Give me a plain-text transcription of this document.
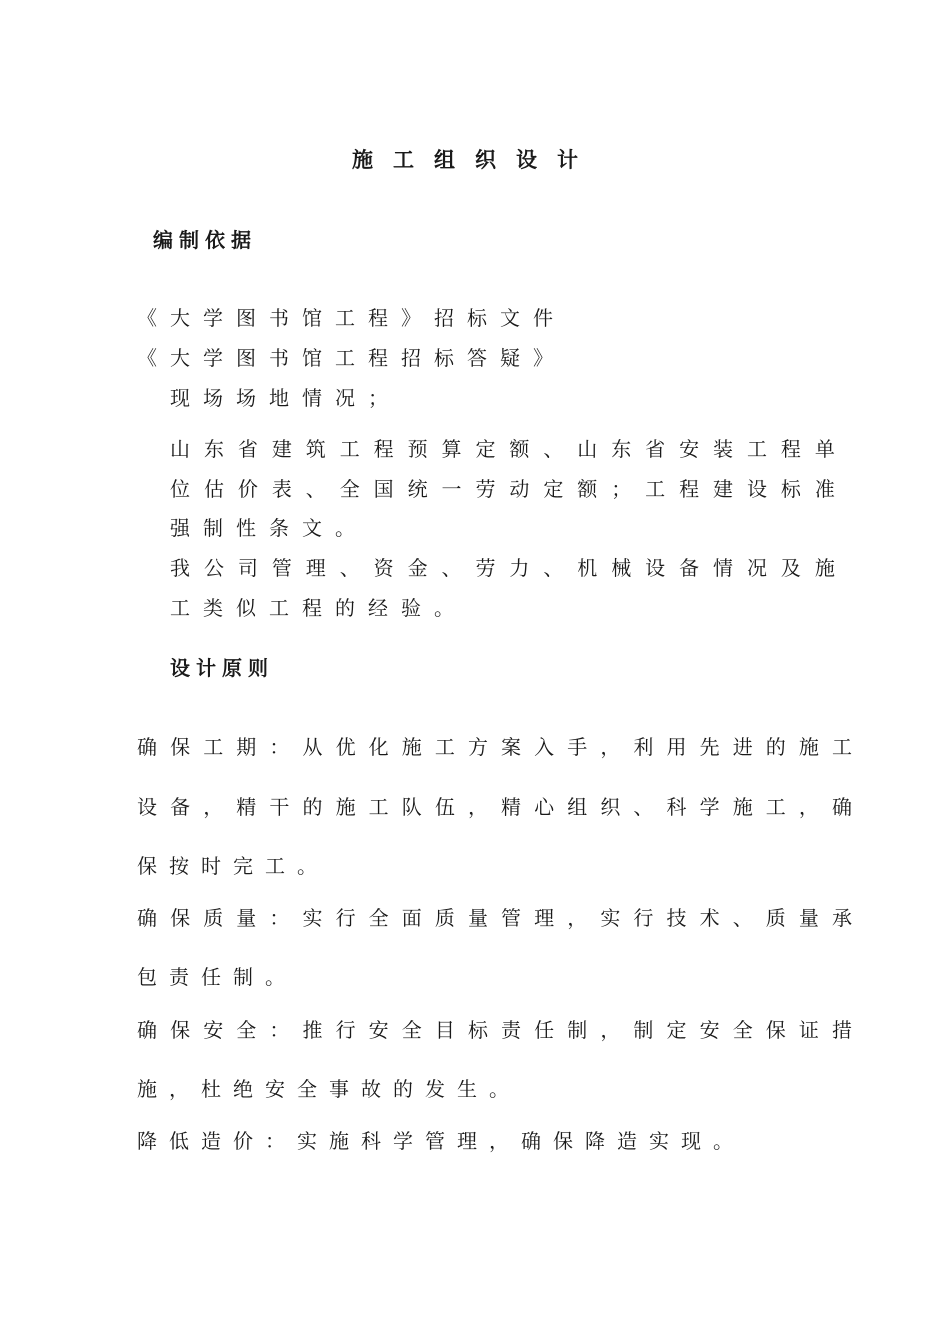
施工组织设计
编制依据
《大学图书馆工程》招标文件
《大学图书馆工程招标答疑》
现场场地情况；
山 东 省 建 筑 工 程 预 算 定 额 、 山 东 省 安 装 工 程 单
位 估 价 表 、 全 国 统 一 劳 动 定 额 ； 工 程 建 设 标 准
强制性条文。
我 公 司 管 理 、 资 金 、 劳 力 、 机 械 设 备 情 况 及 施
工类似工程的经验。
设计原则
确 保 工 期 ： 从 优 化 施 工 方 案 入 手 ， 利 用 先 进 的 施 工
设 备 ， 精 干 的 施 工 队 伍 ， 精 心 组 织 、 科 学 施 工 ， 确
保按时完工。
确 保 质 量 ： 实 行 全 面 质 量 管 理 ， 实 行 技 术 、 质 量 承
包责任制。
确 保 安 全 ： 推 行 安 全 目 标 责 任 制 ， 制 定 安 全 保 证 措
施，杜绝安全事故的发生。
降低造价：实施科学管理，确保降造实现。
